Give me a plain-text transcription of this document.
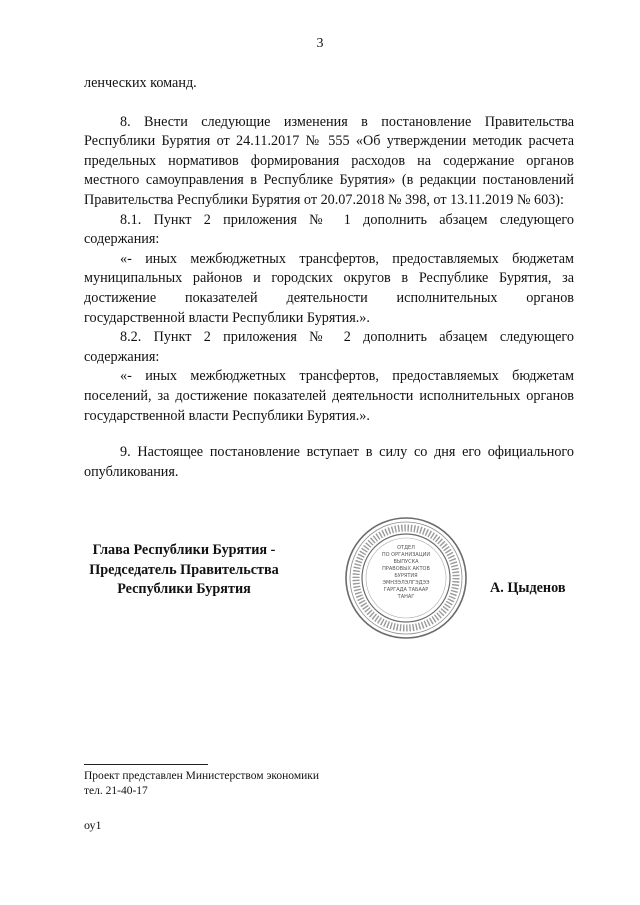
3

ленческих команд.

8. Внести следующие изменения в постановление Правительства Республики Бурятия от 24.11.2017 № 555 «Об утверждении методик расчета предельных нормативов формирования расходов на содержание органов местного самоуправления в Республике Бурятия» (в редакции постановлений Правительства Республики Бурятия от 20.07.2018 № 398, от 13.11.2019 № 603):

8.1. Пункт 2 приложения № 1 дополнить абзацем следующего содержания:

«- иных межбюджетных трансфертов, предоставляемых бюджетам муниципальных районов и городских округов в Республике Бурятия, за достижение показателей деятельности исполнительных органов государственной власти Республики Бурятия.».

8.2. Пункт 2 приложения № 2 дополнить абзацем следующего содержания:

«- иных межбюджетных трансфертов, предоставляемых бюджетам поселений, за достижение показателей деятельности исполнительных органов государственной власти Республики Бурятия.».

9. Настоящее постановление вступает в силу со дня его официального опубликования.

Глава Республики Бурятия -
Председатель Правительства
Республики Бурятия
ОТДЕЛ
ПО ОРГАНИЗАЦИИ
ВЫПУСКА
ПРАВОВЫХ АКТОВ
БУРЯТИЯ
ЭМНЭЭЛЭЛГЭДЭЭ
ГАРГАДА ТАБААР
ТАНАГ
А. Цыденов
Проект представлен Министерством экономики
тел. 21-40-17
оу1
